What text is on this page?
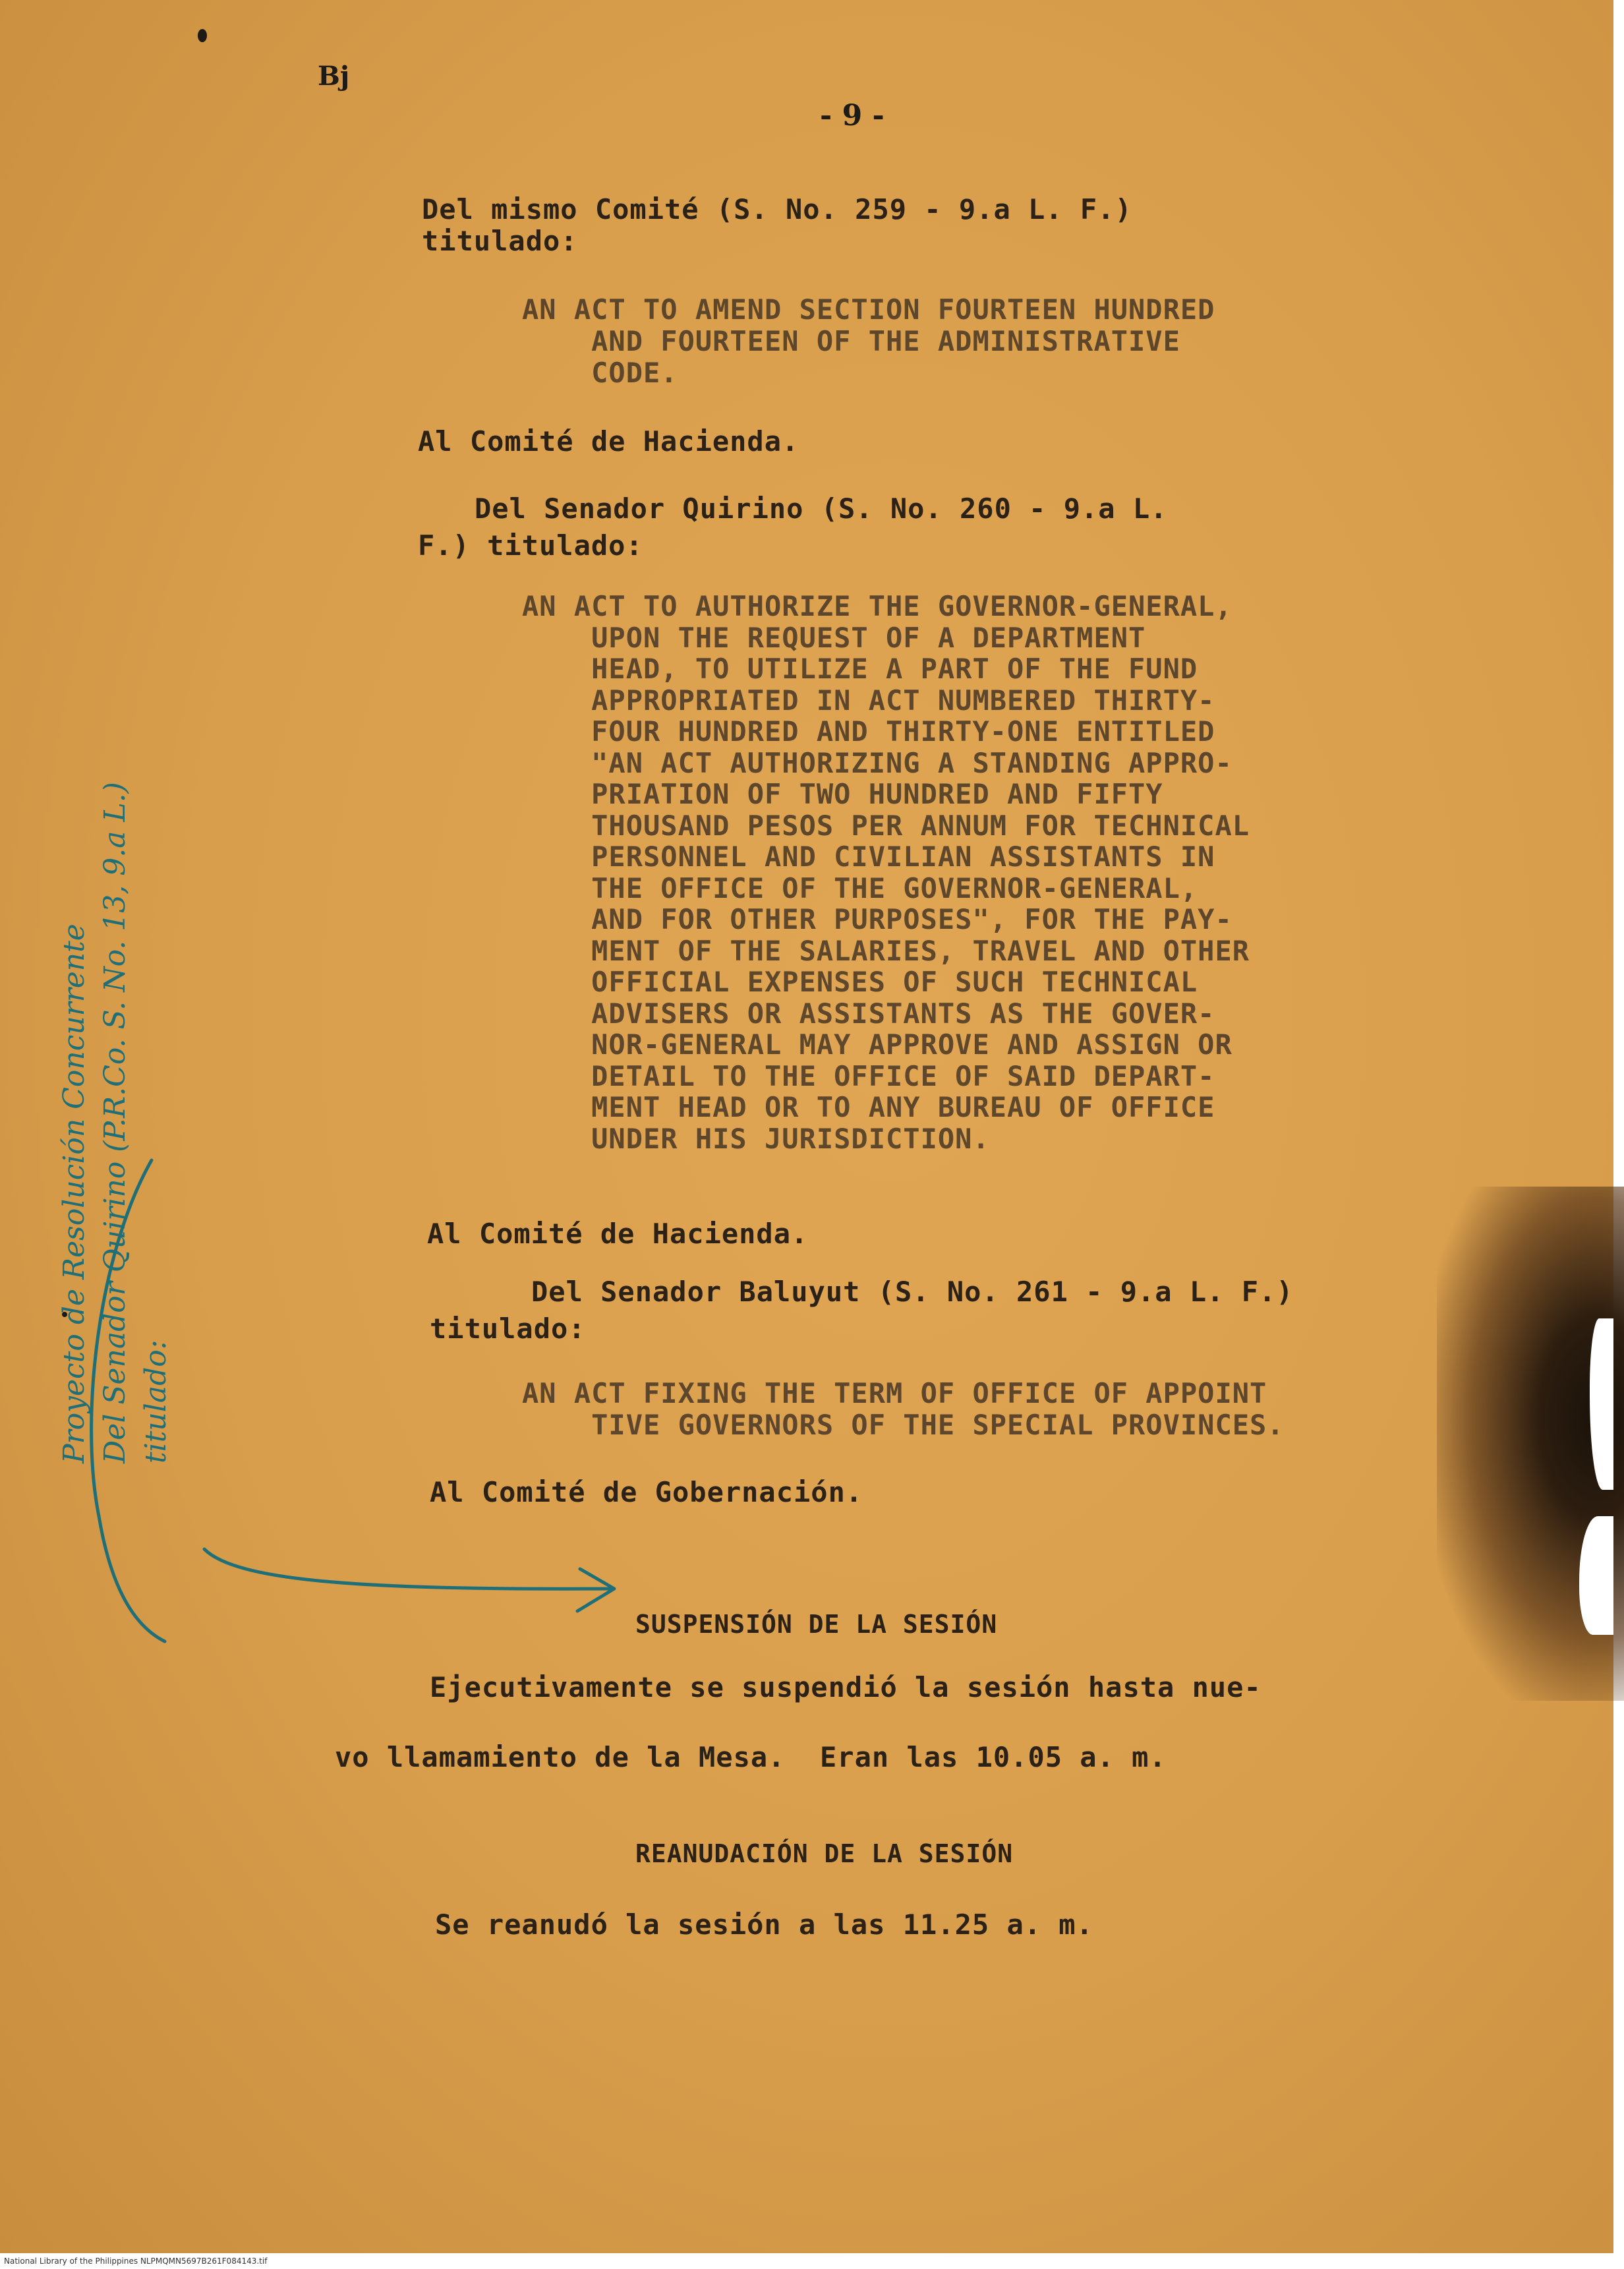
Bj
- 9 -
Del mismo Comité (S. No. 259 - 9.a L. F.)
titulado:
AN ACT TO AMEND SECTION FOURTEEN HUNDRED
AND FOURTEEN OF THE ADMINISTRATIVE
CODE.
Al Comité de Hacienda.
Del Senador Quirino (S. No. 260 - 9.a L.
F.) titulado:
AN ACT TO AUTHORIZE THE GOVERNOR-GENERAL,
UPON THE REQUEST OF A DEPARTMENT
HEAD, TO UTILIZE A PART OF THE FUND
APPROPRIATED IN ACT NUMBERED THIRTY-
FOUR HUNDRED AND THIRTY-ONE ENTITLED
"AN ACT AUTHORIZING A STANDING APPRO-
PRIATION OF TWO HUNDRED AND FIFTY
THOUSAND PESOS PER ANNUM FOR TECHNICAL
PERSONNEL AND CIVILIAN ASSISTANTS IN
THE OFFICE OF THE GOVERNOR-GENERAL,
AND FOR OTHER PURPOSES", FOR THE PAY-
MENT OF THE SALARIES, TRAVEL AND OTHER
OFFICIAL EXPENSES OF SUCH TECHNICAL
ADVISERS OR ASSISTANTS AS THE GOVER-
NOR-GENERAL MAY APPROVE AND ASSIGN OR
DETAIL TO THE OFFICE OF SAID DEPART-
MENT HEAD OR TO ANY BUREAU OF OFFICE
UNDER HIS JURISDICTION.
Al Comité de Hacienda.
Del Senador Baluyut (S. No. 261 - 9.a L. F.)
titulado:
AN ACT FIXING THE TERM OF OFFICE OF APPOINT
TIVE GOVERNORS OF THE SPECIAL PROVINCES.
Al Comité de Gobernación.
SUSPENSIÓN DE LA SESIÓN
Ejecutivamente se suspendió la sesión hasta nue-
vo llamamiento de la Mesa.  Eran las 10.05 a. m.
REANUDACIÓN DE LA SESIÓN
Se reanudó la sesión a las 11.25 a. m.
Proyecto de Resolución Concurrente Del Senador Quirino (P.R.Co. S. No. 13, 9.a L.) titulado:
National Library of the Philippines NLPMQMN5697B261F084143.tif
